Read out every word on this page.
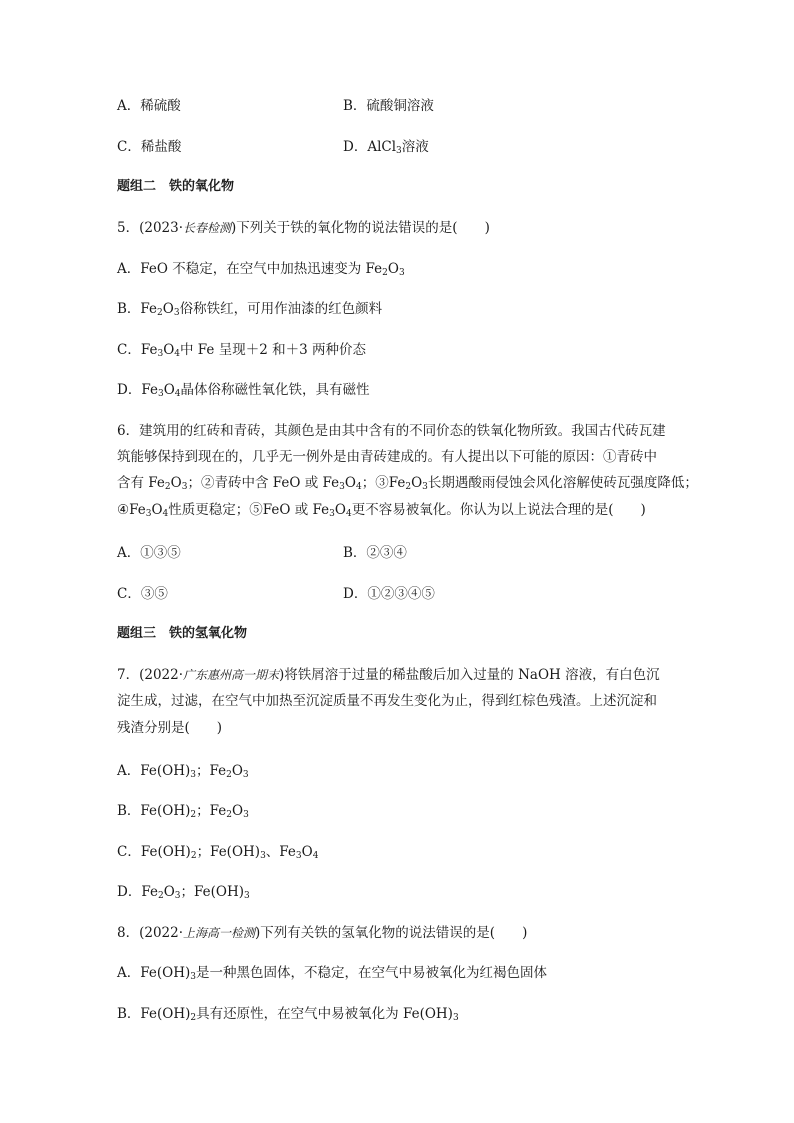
A．稀硫酸	B．硫酸铜溶液
C．稀盐酸	D．AlCl$_3$溶液
题组二　铁的氧化物
5．(2023·长春检测)下列关于铁的氧化物的说法错误的是(　　)
A．FeO 不稳定，在空气中加热迅速变为 $Fe_2O_3$
B．$Fe_2O_3$俗称铁红，可用作油漆的红色颜料
C．$Fe_3O_4$中 Fe 呈现＋2 和＋3 两种价态
D．$Fe_3O_4$晶体俗称磁性氧化铁，具有磁性
6．建筑用的红砖和青砖，其颜色是由其中含有的不同价态的铁氧化物所致。我国古代砖瓦建
筑能够保持到现在的，几乎无一例外是由青砖建成的。有人提出以下可能的原因：①青砖中
含有 $Fe_2O_3$；②青砖中含 FeO 或 $Fe_3O_4$；$③Fe_2O_3$长期遇酸雨侵蚀会风化溶解使砖瓦强度降低；
$④Fe_3O_4$性质更稳定；⑤FeO 或 $Fe_3O_4$更不容易被氧化。你认为以上说法合理的是(　　)
A．①③⑤	B．②③④
C．③⑤	D．①②③④⑤
题组三　铁的氢氧化物
7．(2022·广东惠州高一期末)将铁屑溶于过量的稀盐酸后加入过量的 NaOH 溶液，有白色沉
淀生成，过滤，在空气中加热至沉淀质量不再发生变化为止，得到红棕色残渣。上述沉淀和
残渣分别是(　　)
A．$Fe(OH)_3$；$Fe_2O_3$
B．$Fe(OH)_2$；$Fe_2O_3$
C．$Fe(OH)_2$；$Fe(OH)_3$、$Fe_3O_4$
D．$Fe_2O_3$；$Fe(OH)_3$
8．(2022·上海高一检测)下列有关铁的氢氧化物的说法错误的是(　　)
A．$Fe(OH)_3$是一种黑色固体，不稳定，在空气中易被氧化为红褐色固体
B．$Fe(OH)_2$具有还原性，在空气中易被氧化为 $Fe(OH)_3$
